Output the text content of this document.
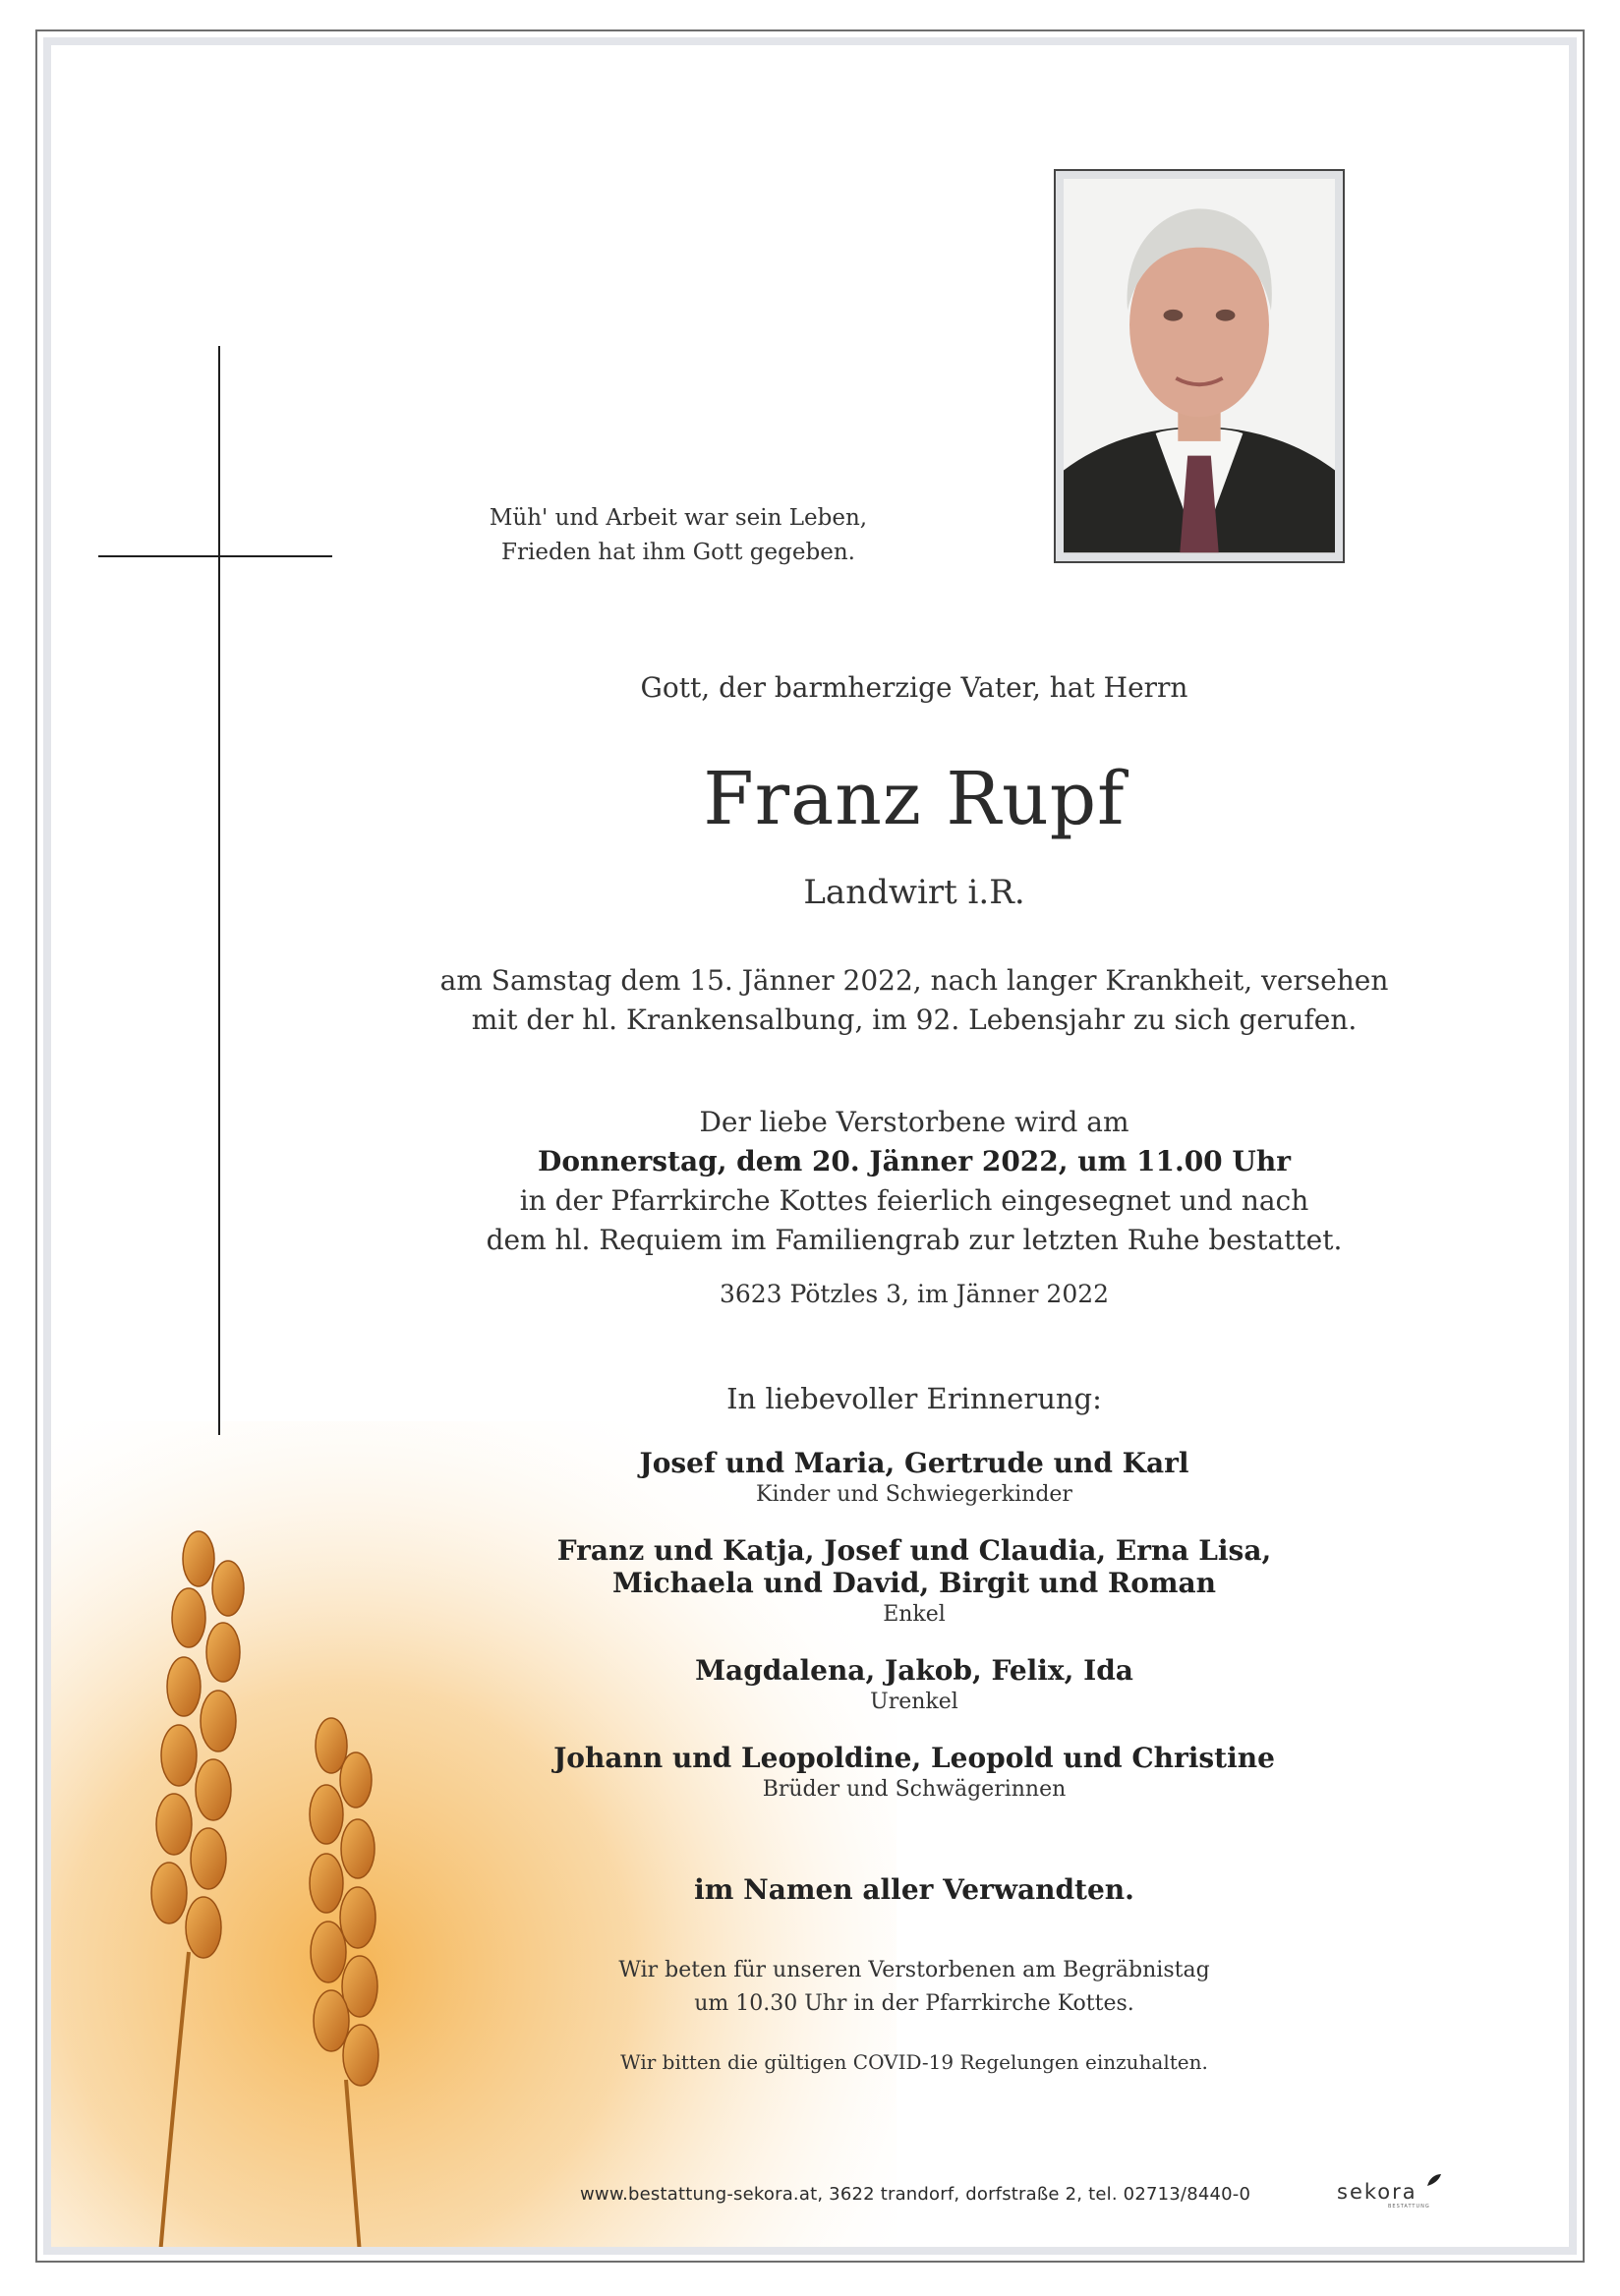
Müh' und Arbeit war sein Leben,
Frieden hat ihm Gott gegeben.
Gott, der barmherzige Vater, hat Herrn
Franz Rupf
Landwirt i.R.
am Samstag dem 15. Jänner 2022, nach langer Krankheit, versehen
mit der hl. Krankensalbung, im 92. Lebensjahr zu sich gerufen.
Der liebe Verstorbene wird am
Donnerstag, dem 20. Jänner 2022, um 11.00 Uhr
in der Pfarrkirche Kottes feierlich eingesegnet und nach
dem hl. Requiem im Familiengrab zur letzten Ruhe bestattet.
3623 Pötzles 3, im Jänner 2022
In liebevoller Erinnerung:
Josef und Maria, Gertrude und Karl
Kinder und Schwiegerkinder
Franz und Katja, Josef und Claudia, Erna Lisa,
Michaela und David, Birgit und Roman
Enkel
Magdalena, Jakob, Felix, Ida
Urenkel
Johann und Leopoldine, Leopold und Christine
Brüder und Schwägerinnen
im Namen aller Verwandten.
Wir beten für unseren Verstorbenen am Begräbnistag
um 10.30 Uhr in der Pfarrkirche Kottes.
Wir bitten die gültigen COVID-19 Regelungen einzuhalten.
www.bestattung-sekora.at, 3622 trandorf, dorfstraße 2, tel. 02713/8440-0	sekora
BESTATTUNG
